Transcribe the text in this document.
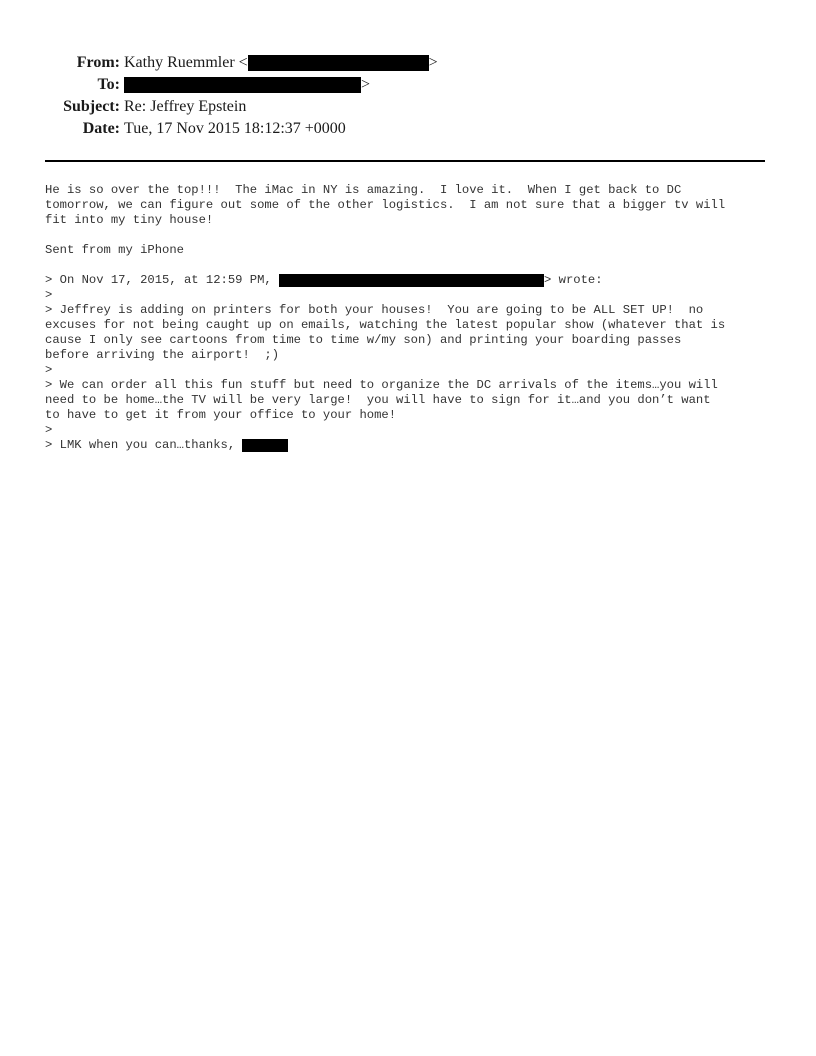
From: Kathy Ruemmler <	>
To:	>
Subject: Re: Jeffrey Epstein
Date: Tue, 17 Nov 2015 18:12:37 +0000
He is so over the top!!!  The iMac in NY is amazing.  I love it.  When I get back to DC
tomorrow, we can figure out some of the other logistics.  I am not sure that a bigger tv will
fit into my tiny house!
Sent from my iPhone
> On Nov 17, 2015, at 12:59 PM,	> wrote:
>
> Jeffrey is adding on printers for both your houses!  You are going to be ALL SET UP!  no
excuses for not being caught up on emails, watching the latest popular show (whatever that is
cause I only see cartoons from time to time w/my son) and printing your boarding passes
before arriving the airport!  ;)
>
> We can order all this fun stuff but need to organize the DC arrivals of the items…you will
need to be home…the TV will be very large!  you will have to sign for it…and you don’t want
to have to get it from your office to your home!
>
> LMK when you can…thanks,
